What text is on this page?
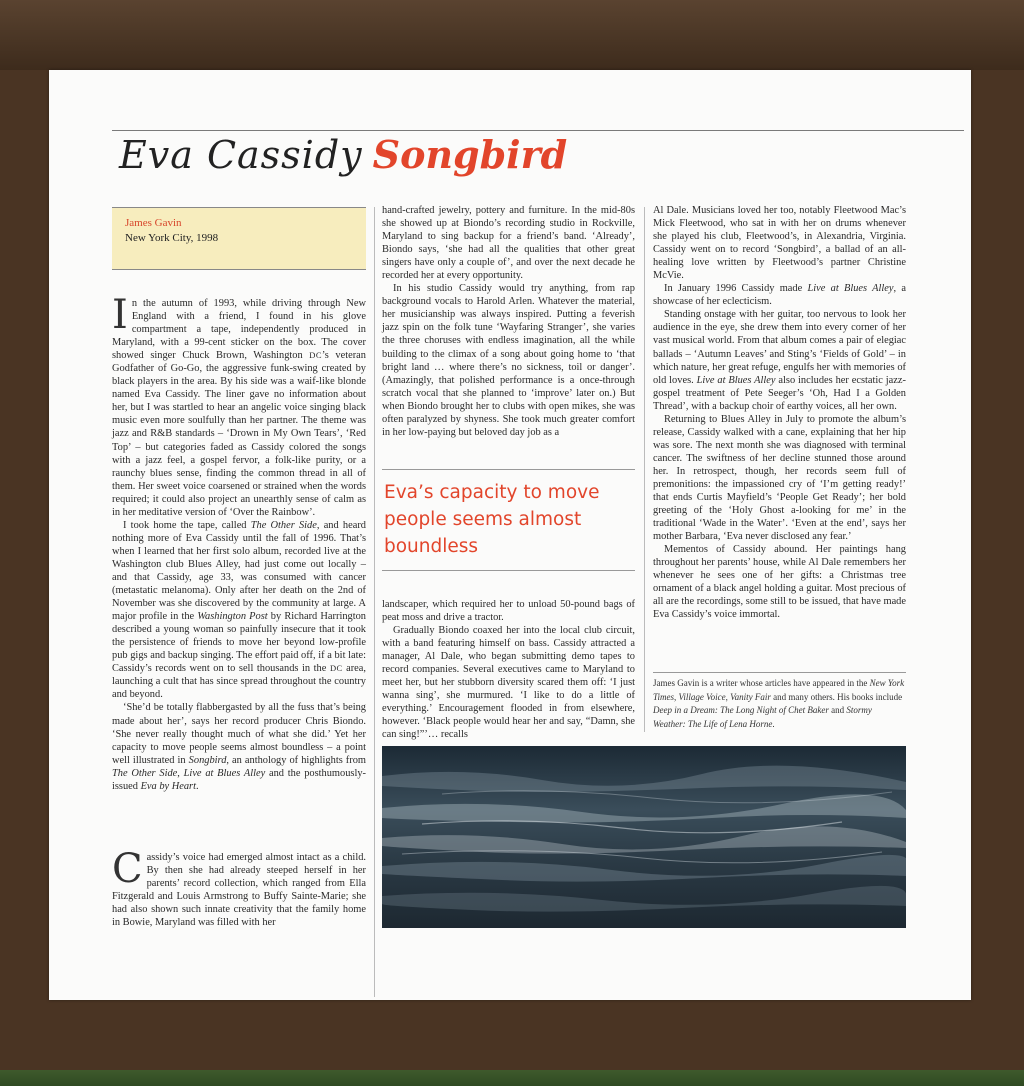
Eva Cassidy Songbird
James Gavin
New York City, 1998

In the autumn of 1993, while driving through New England with a friend, I found in his glove compartment a tape, independently produced in Maryland, with a 99-cent sticker on the box. The cover showed singer Chuck Brown, Washington DC’s veteran Godfather of Go-Go, the aggressive funk-swing created by black players in the area. By his side was a waif-like blonde named Eva Cassidy. The liner gave no information about her, but I was startled to hear an angelic voice singing black music even more soulfully than her partner. The theme was jazz and R&B standards – ‘Drown in My Own Tears’, ‘Red Top’ – but categories faded as Cassidy colored the songs with a jazz feel, a gospel fervor, a folk-like purity, or a raunchy blues sense, finding the common thread in all of them. Her sweet voice coarsened or strained when the words required; it could also project an unearthly sense of calm as in her meditative version of ‘Over the Rainbow’.

I took home the tape, called The Other Side, and heard nothing more of Eva Cassidy until the fall of 1996. That’s when I learned that her first solo album, recorded live at the Washington club Blues Alley, had just come out locally – and that Cassidy, age 33, was consumed with cancer (metastatic melanoma). Only after her death on the 2nd of November was she discovered by the community at large. A major profile in the Washington Post by Richard Harrington described a young woman so painfully insecure that it took the persistence of friends to move her beyond low-profile pub gigs and backup singing. The effort paid off, if a bit late: Cassidy’s records went on to sell thousands in the DC area, launching a cult that has since spread throughout the country and beyond.

‘She’d be totally flabbergasted by all the fuss that’s being made about her’, says her record producer Chris Biondo. ‘She never really thought much of what she did.’ Yet her capacity to move people seems almost boundless – a point well illustrated in Songbird, an anthology of highlights from The Other Side, Live at Blues Alley and the posthumously-issued Eva by Heart.

Cassidy’s voice had emerged almost intact as a child. By then she had already steeped herself in her parents’ record collection, which ranged from Ella Fitzgerald and Louis Armstrong to Buffy Sainte-Marie; she had also shown such innate creativity that the family home in Bowie, Maryland was filled with her

hand-crafted jewelry, pottery and furniture. In the mid-80s she showed up at Biondo’s recording studio in Rockville, Maryland to sing backup for a friend’s band. ‘Already’, Biondo says, ‘she had all the qualities that other great singers have only a couple of’, and over the next decade he recorded her at every opportunity.

In his studio Cassidy would try anything, from rap background vocals to Harold Arlen. Whatever the material, her musicianship was always inspired. Putting a feverish jazz spin on the folk tune ‘Wayfaring Stranger’, she varies the three choruses with endless imagination, all the while building to the climax of a song about going home to ‘that bright land … where there’s no sickness, toil or danger’. (Amazingly, that polished performance is a once-through scratch vocal that she planned to ‘improve’ later on.) But when Biondo brought her to clubs with open mikes, she was often paralyzed by shyness. She took much greater comfort in her low-paying but beloved day job as a

Eva’s capacity to move people seems almost boundless

landscaper, which required her to unload 50-pound bags of peat moss and drive a tractor.

Gradually Biondo coaxed her into the local club circuit, with a band featuring himself on bass. Cassidy attracted a manager, Al Dale, who began submitting demo tapes to record companies. Several executives came to Maryland to meet her, but her stubborn diversity scared them off: ‘I just wanna sing’, she murmured. ‘I like to do a little of everything.’ Encouragement flooded in from elsewhere, however. ‘Black people would hear her and say, “Damn, she can sing!”’… recalls

Al Dale. Musicians loved her too, notably Fleetwood Mac’s Mick Fleetwood, who sat in with her on drums whenever she played his club, Fleetwood’s, in Alexandria, Virginia. Cassidy went on to record ‘Songbird’, a ballad of an all-healing love written by Fleetwood’s partner Christine McVie.

In January 1996 Cassidy made Live at Blues Alley, a showcase of her eclecticism.

Standing onstage with her guitar, too nervous to look her audience in the eye, she drew them into every corner of her vast musical world. From that album comes a pair of elegiac ballads – ‘Autumn Leaves’ and Sting’s ‘Fields of Gold’ – in which nature, her great refuge, engulfs her with memories of old loves. Live at Blues Alley also includes her ecstatic jazz-gospel treatment of Pete Seeger’s ‘Oh, Had I a Golden Thread’, with a backup choir of earthy voices, all her own.

Returning to Blues Alley in July to promote the album’s release, Cassidy walked with a cane, explaining that her hip was sore. The next month she was diagnosed with terminal cancer. The swiftness of her decline stunned those around her. In retrospect, though, her records seem full of premonitions: the impassioned cry of ‘I’m getting ready!’ that ends Curtis Mayfield’s ‘People Get Ready’; her bold greeting of the ‘Holy Ghost a-looking for me’ in the traditional ‘Wade in the Water’. ‘Even at the end’, says her mother Barbara, ‘Eva never disclosed any fear.’

Mementos of Cassidy abound. Her paintings hang throughout her parents’ house, while Al Dale remembers her whenever he sees one of her gifts: a Christmas tree ornament of a black angel holding a guitar. Most precious of all are the recordings, some still to be issued, that have made Eva Cassidy’s voice immortal.

James Gavin is a writer whose articles have appeared in the New York Times, Village Voice, Vanity Fair and many others. His books include Deep in a Dream: The Long Night of Chet Baker and Stormy Weather: The Life of Lena Horne.
